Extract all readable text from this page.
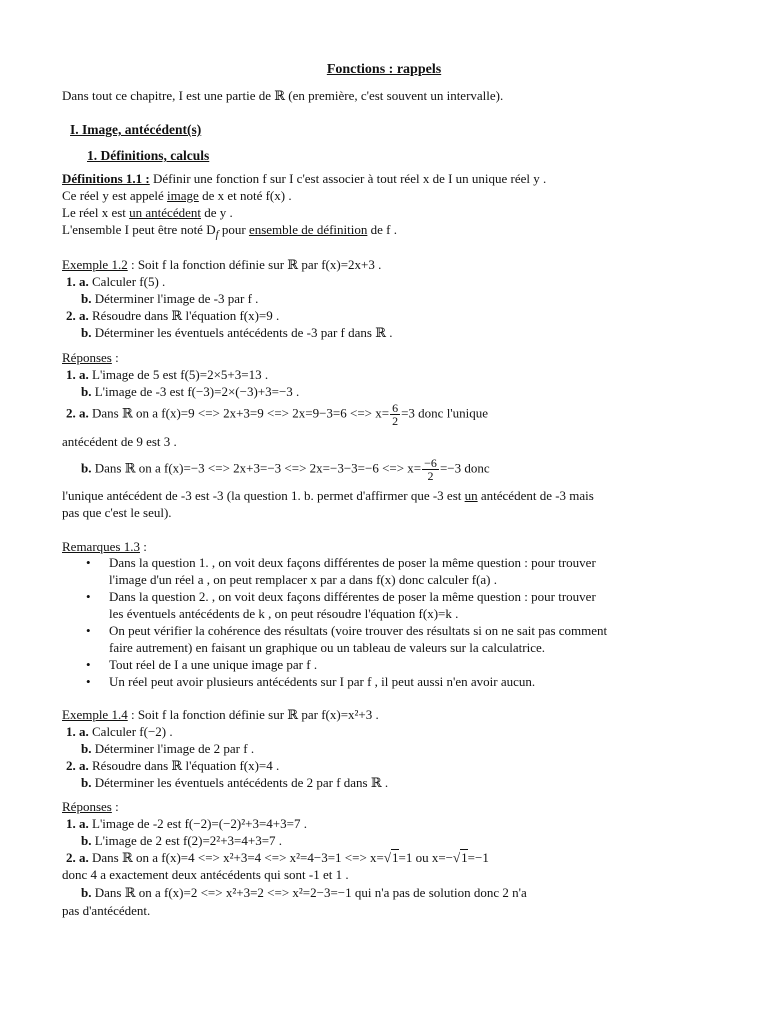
Fonctions : rappels
Dans tout ce chapitre, I est une partie de ℝ (en première, c'est souvent un intervalle).
I. Image, antécédent(s)
1. Définitions, calculs
Définitions 1.1 : Définir une fonction f sur I c'est associer à tout réel x de I un unique réel y .
Ce réel y est appelé image de x et noté f(x) .
Le réel x est un antécédent de y .
L'ensemble I peut être noté $D_f$ pour ensemble de définition de f .
Exemple 1.2 : Soit f la fonction définie sur ℝ par f(x)=2x+3 .
1. a. Calculer f(5) .
b. Déterminer l'image de -3 par f .
2. a. Résoudre dans ℝ l'équation f(x)=9 .
b. Déterminer les éventuels antécédents de -3 par f dans ℝ .
Réponses :
1. a. L'image de 5 est f(5)=2×5+3=13 .
b. L'image de -3 est f(−3)=2×(−3)+3=−3 .
2. a. Dans ℝ on a f(x)=9 <=> 2x+3=9 <=> 2x=9−3=6 <=> $x= \frac{6}{2} =3$ donc l'unique
antécédent de 9 est 3 .
b. Dans ℝ on a f(x)=−3 <=> 2x+3=−3 <=> 2x=−3−3=−6 <=> $x= \frac{-6}{2} =-3$ donc
l'unique antécédent de -3 est -3 (la question 1. b. permet d'affirmer que -3 est un antécédent de -3 mais
pas que c'est le seul).
Remarques 1.3 :
• Dans la question 1. , on voit deux façons différentes de poser la même question : pour trouver
l'image d'un réel a , on peut remplacer x par a dans f(x) donc calculer f(a) .
• Dans la question 2. , on voit deux façons différentes de poser la même question : pour trouver
les éventuels antécédents de k , on peut résoudre l'équation f(x)=k .
• On peut vérifier la cohérence des résultats (voire trouver des résultats si on ne sait pas comment
faire autrement) en faisant un graphique ou un tableau de valeurs sur la calculatrice.
• Tout réel de I a une unique image par f .
• Un réel peut avoir plusieurs antécédents sur I par f , il peut aussi n'en avoir aucun.
Exemple 1.4 : Soit f la fonction définie sur ℝ par f(x)=x²+3 .
1. a. Calculer f(−2) .
b. Déterminer l'image de 2 par f .
2. a. Résoudre dans ℝ l'équation f(x)=4 .
b. Déterminer les éventuels antécédents de 2 par f dans ℝ .
Réponses :
1. a. L'image de -2 est f(−2)=(−2)²+3=4+3=7 .
b. L'image de 2 est f(2)=2²+3=4+3=7 .
2. a. Dans ℝ on a f(x)=4 <=> x²+3=4 <=> x²=4−3=1 <=> x=√1=1 ou x=−√1=−1
donc 4 a exactement deux antécédents qui sont -1 et 1 .
b. Dans ℝ on a f(x)=2 <=> x²+3=2 <=> x²=2−3=−1 qui n'a pas de solution donc 2 n'a
pas d'antécédent.
